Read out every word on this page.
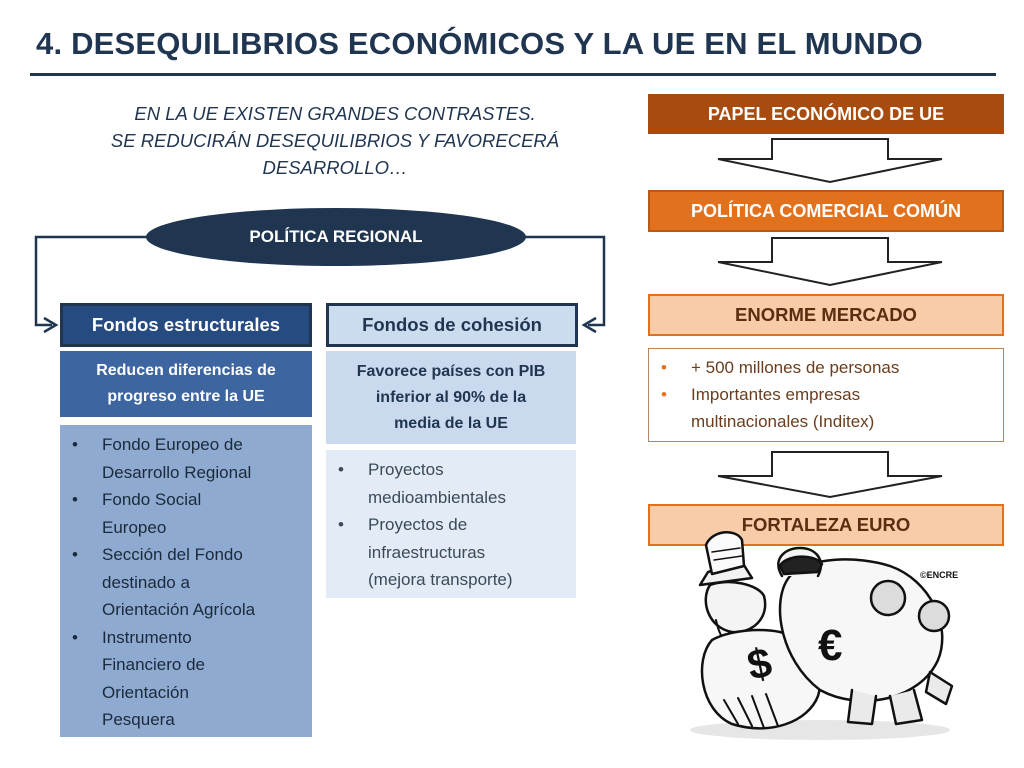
4. DESEQUILIBRIOS ECONÓMICOS Y LA UE EN EL MUNDO
EN LA UE EXISTEN GRANDES CONTRASTES.
SE REDUCIRÁN DESEQUILIBRIOS Y FAVORECERÁ
DESARROLLO…
POLÍTICA REGIONAL
Fondos estructurales
Reducen diferencias de
progreso entre la UE
• Fondo Europeo de
Desarrollo Regional
• Fondo Social
Europeo
• Sección del Fondo
destinado a
Orientación Agrícola
• Instrumento
Financiero de
Orientación
Pesquera
Fondos de cohesión
Favorece países con PIB
inferior al 90% de la
media de la UE
• Proyectos
medioambientales
• Proyectos de
infraestructuras
(mejora transporte)
PAPEL ECONÓMICO DE UE
POLÍTICA COMERCIAL COMÚN
ENORME MERCADO
• + 500 millones de personas
• Importantes empresas
multinacionales (Inditex)
FORTALEZA EURO
$ €
©ENCRE
